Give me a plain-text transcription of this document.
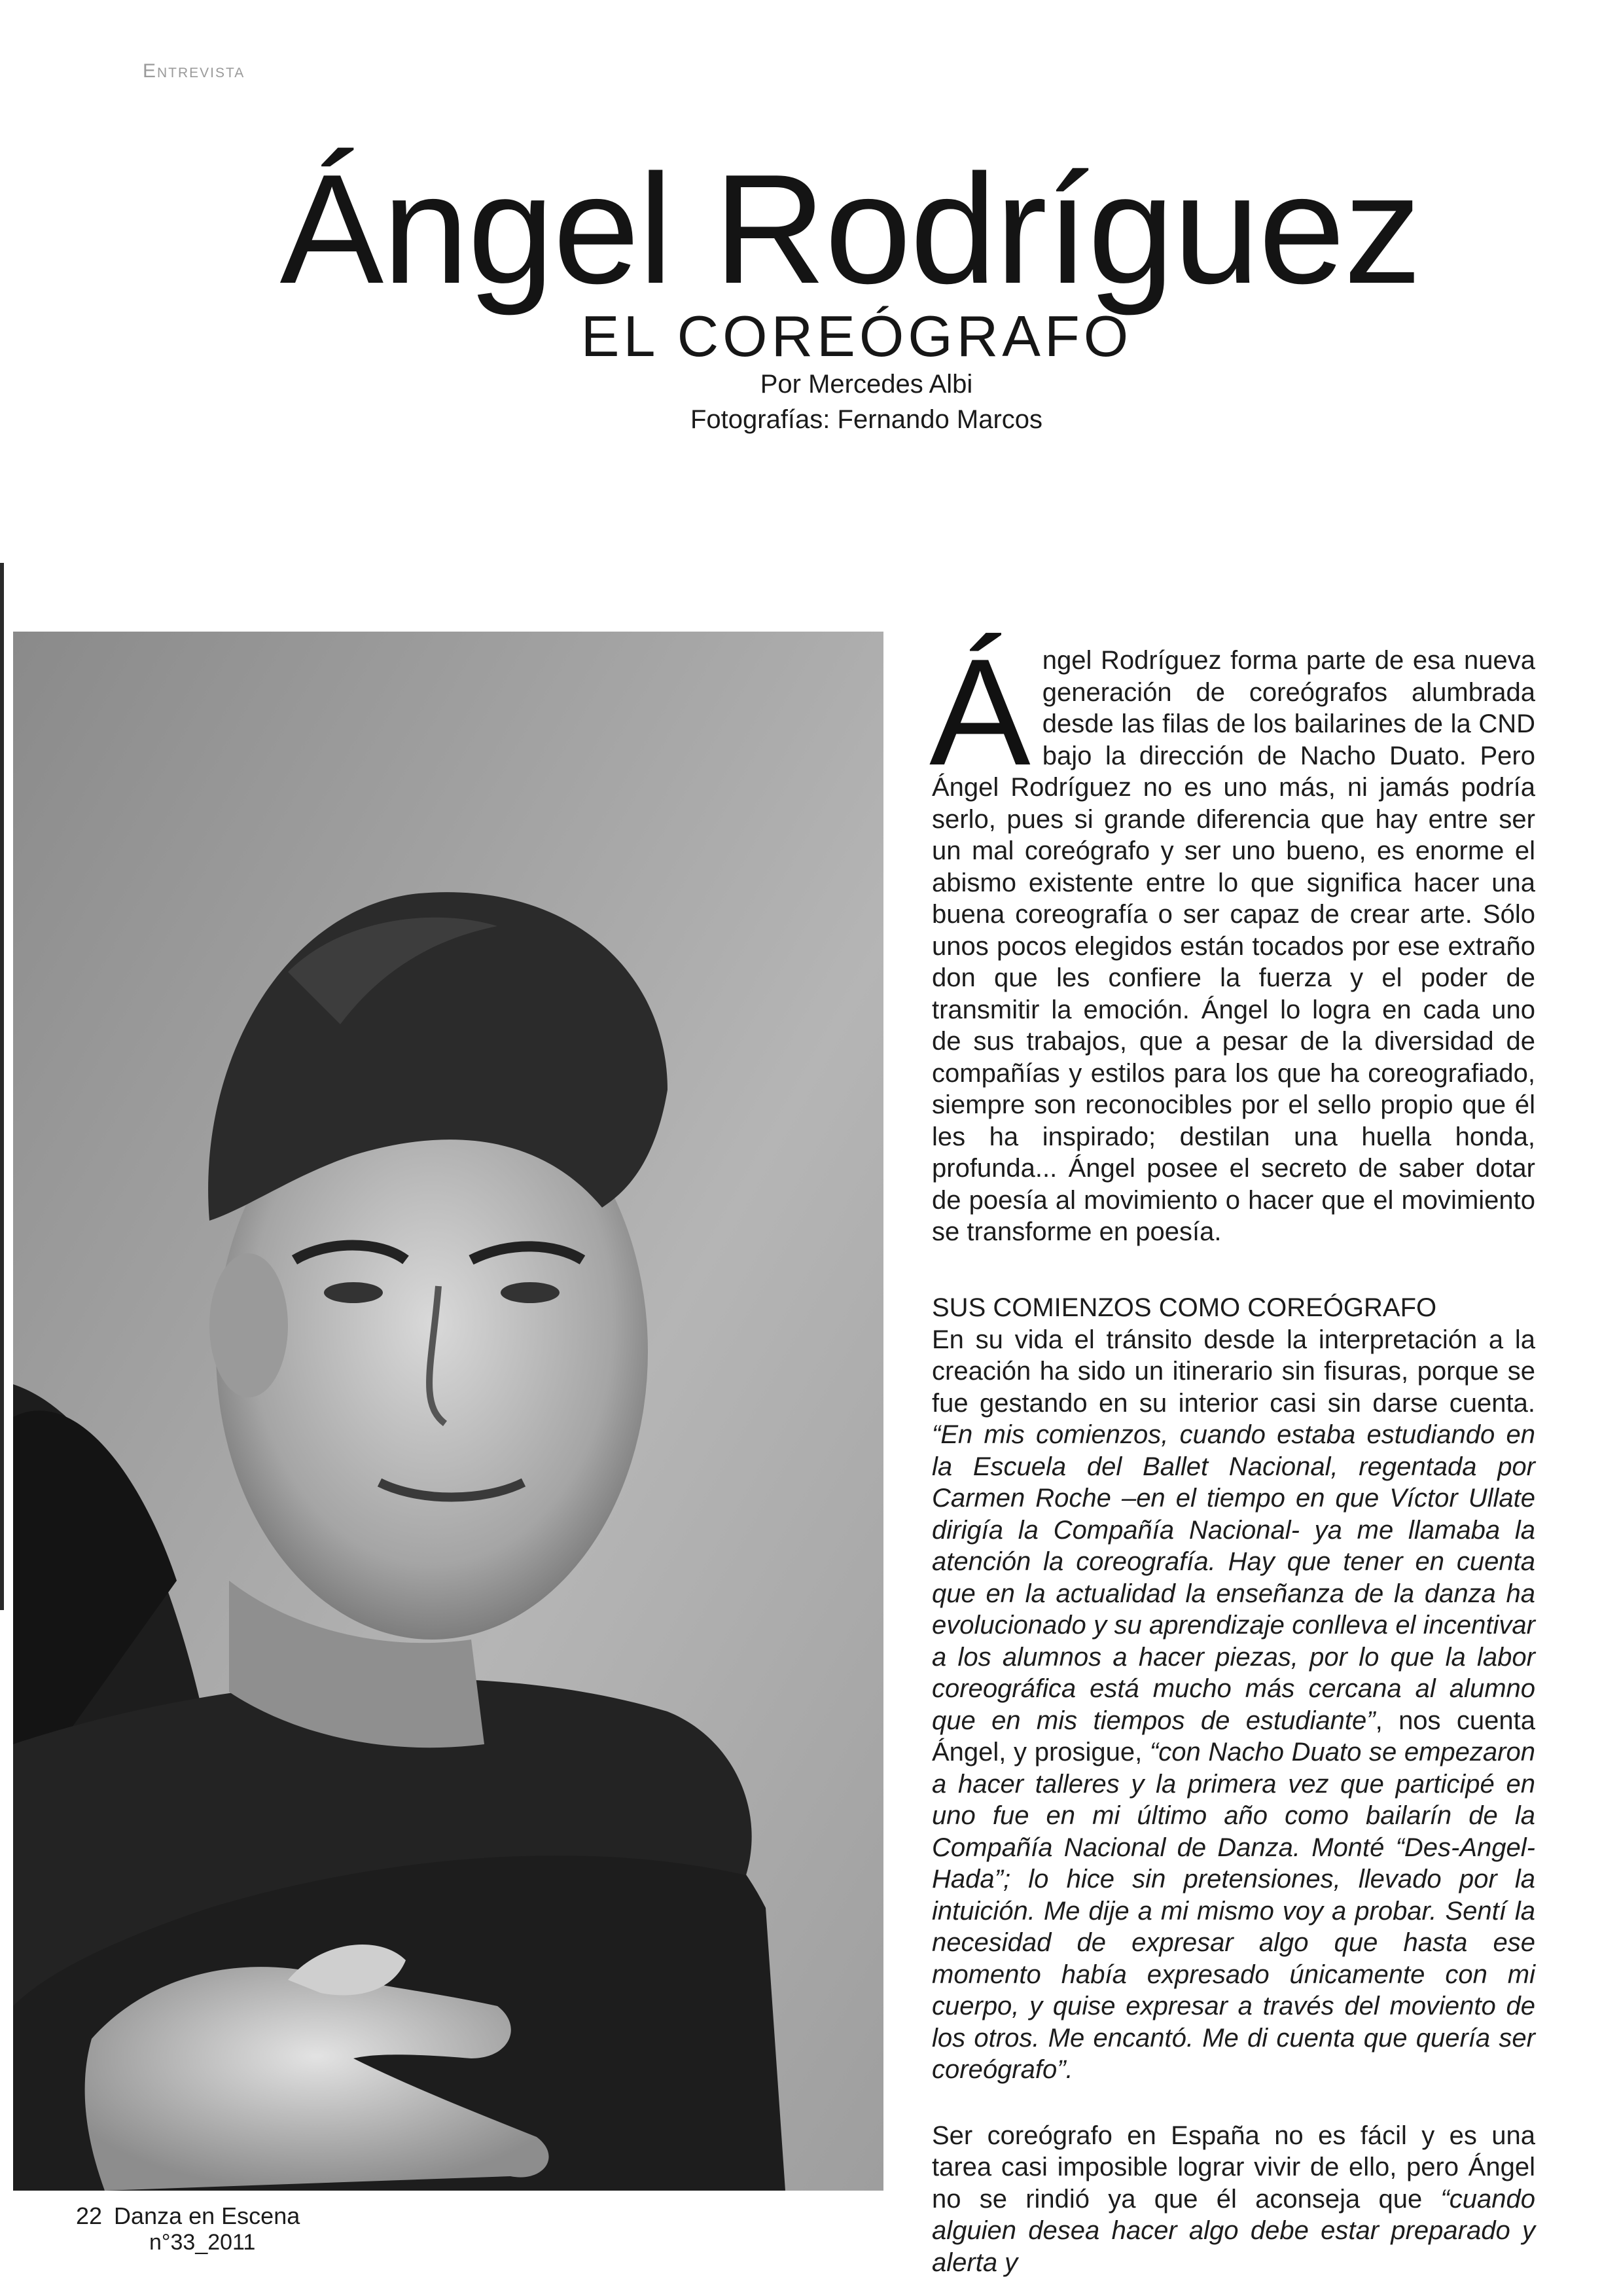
Entrevista
Ángel Rodríguez
EL COREÓGRAFO
Por Mercedes Albi
Fotografías: Fernando Marcos

Ángel Rodríguez forma parte de esa nueva generación de coreógrafos alumbrada desde las filas de los bailarines de la CND bajo la dirección de Nacho Duato. Pero Ángel Rodríguez no es uno más, ni jamás podría serlo, pues si grande diferencia que hay entre ser un mal coreógrafo y ser uno bueno, es enorme el abismo existente entre lo que significa hacer una buena coreografía o ser capaz de crear arte. Sólo unos pocos elegidos están tocados por ese extraño don que les confiere la fuerza y el poder de transmitir la emoción. Ángel lo logra en cada uno de sus trabajos, que a pesar de la diversidad de compañías y estilos para los que ha coreografiado, siempre son reconocibles por el sello propio que él les ha inspirado; destilan una huella honda, profunda... Ángel posee el secreto de saber dotar de poesía al movimiento o hacer que el movimiento se transforme en poesía.

SUS COMIENZOS COMO COREÓGRAFO

En su vida el tránsito desde la interpretación a la creación ha sido un itinerario sin fisuras, porque se fue gestando en su interior casi sin darse cuenta. “En mis comienzos, cuando estaba estudiando en la Escuela del Ballet Nacional, regentada por Carmen Roche –en el tiempo en que Víctor Ullate dirigía la Compañía Nacional- ya me llamaba la atención la coreografía. Hay que tener en cuenta que en la actualidad la enseñanza de la danza ha evolucionado y su aprendizaje conlleva el incentivar a los alumnos a hacer piezas, por lo que la labor coreográfica está mucho más cercana al alumno que en mis tiempos de estudiante”, nos cuenta Ángel, y prosigue, “con Nacho Duato se empezaron a hacer talleres y la primera vez que participé en uno fue en mi último año como bailarín de la Compañía Nacional de Danza. Monté “Des-Angel-Hada”; lo hice sin pretensiones, llevado por la intuición. Me dije a mi mismo voy a probar. Sentí la necesidad de expresar algo que hasta ese momento había expresado únicamente con mi cuerpo, y quise expresar a través del moviento de los otros. Me encantó. Me di cuenta que quería ser coreógrafo”.

Ser coreógrafo en España no es fácil y es una tarea casi imposible lograr vivir de ello, pero Ángel no se rindió ya que él aconseja que “cuando alguien desea hacer algo debe estar preparado y alerta y

22 Danza en Escena
n°33_2011
